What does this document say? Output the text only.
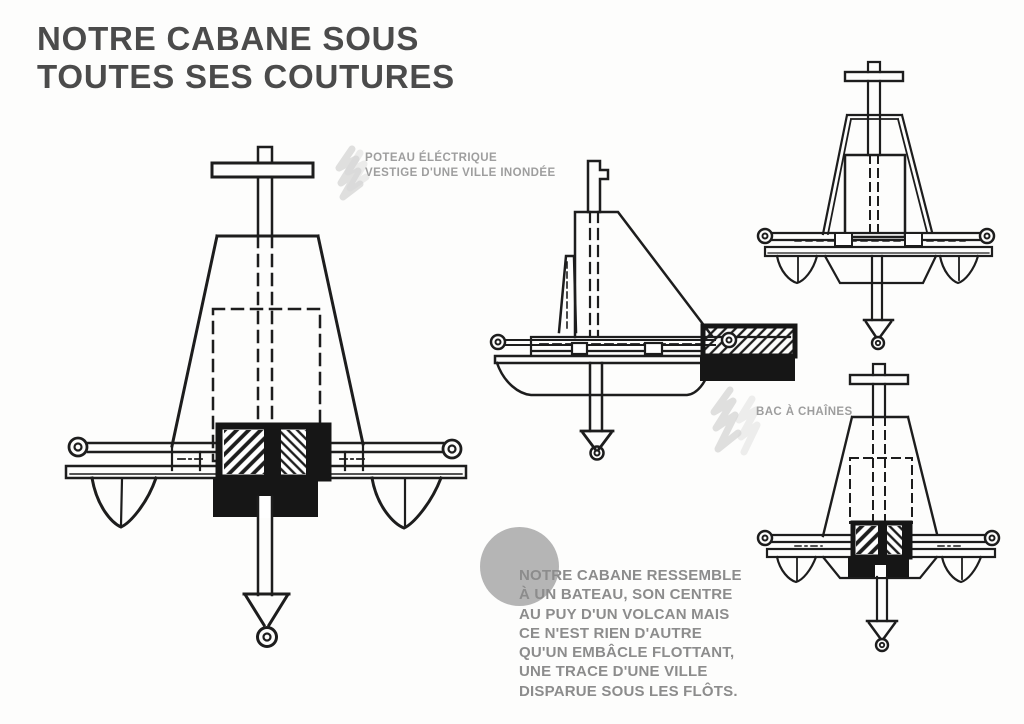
NOTRE CABANE SOUS
TOUTES SES COUTURES
POTEAU ÉLÉCTRIQUE
VESTIGE D'UNE VILLE INONDÉE
BAC À CHAÎNES
NOTRE CABANE RESSEMBLE
À UN BATEAU, SON CENTRE
AU PUY D'UN VOLCAN MAIS
CE N'EST RIEN D'AUTRE
QU'UN EMBÂCLE FLOTTANT,
UNE TRACE D'UNE VILLE
DISPARUE SOUS LES FLÔTS.
